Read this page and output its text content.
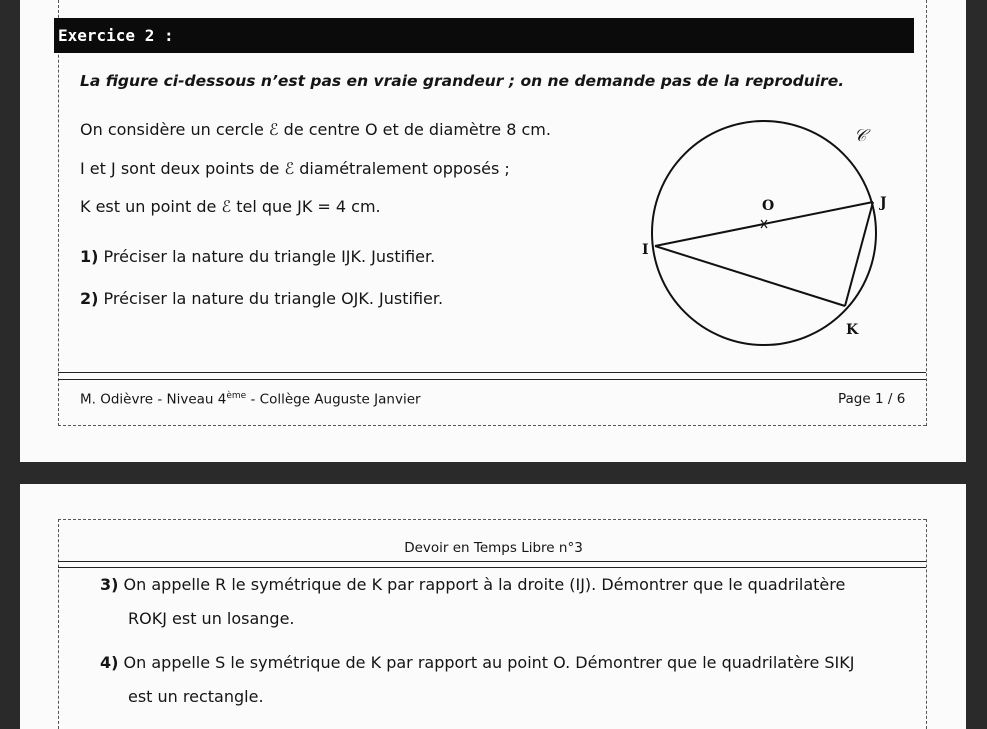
Exercice 2 :
La figure ci-dessous n’est pas en vraie grandeur ; on ne demande pas de la reproduire.
On considère un cercle ℰ de centre O et de diamètre 8 cm.
I et J sont deux points de ℰ diamétralement opposés ;
K est un point de ℰ tel que JK = 4 cm.
1) Préciser la nature du triangle IJK. Justifier.
2) Préciser la nature du triangle OJK. Justifier.
𝒞
O	J
I
K
M. Odièvre - Niveau 4ème - Collège Auguste Janvier	Page 1 / 6
Devoir en Temps Libre n°3
3) On appelle R le symétrique de K par rapport à la droite (IJ). Démontrer que le quadrilatère
ROKJ est un losange.
4) On appelle S le symétrique de K par rapport au point O. Démontrer que le quadrilatère SIKJ
est un rectangle.
